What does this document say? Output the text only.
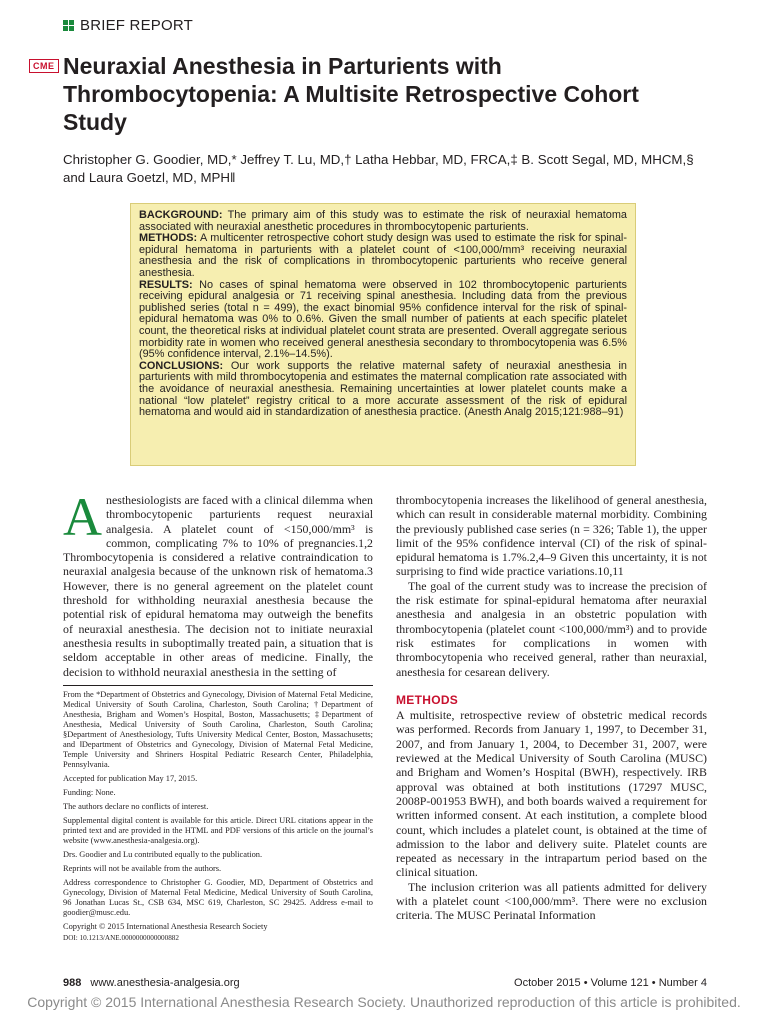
BRIEF REPORT
CME Neuraxial Anesthesia in Parturients with Thrombocytopenia: A Multisite Retrospective Cohort Study
Christopher G. Goodier, MD,* Jeffrey T. Lu, MD,† Latha Hebbar, MD, FRCA,‡ B. Scott Segal, MD, MHCM,§ and Laura Goetzl, MD, MPH‖

BACKGROUND: The primary aim of this study was to estimate the risk of neuraxial hematoma associated with neuraxial anesthetic procedures in thrombocytopenic parturients.

METHODS: A multicenter retrospective cohort study design was used to estimate the risk for spinal-epidural hematoma in parturients with a platelet count of <100,000/mm³ receiving neuraxial anesthesia and the risk of complications in thrombocytopenic parturients who receive general anesthesia.

RESULTS: No cases of spinal hematoma were observed in 102 thrombocytopenic parturients receiving epidural analgesia or 71 receiving spinal anesthesia. Including data from the previous published series (total n = 499), the exact binomial 95% confidence interval for the risk of spinal-epidural hematoma was 0% to 0.6%. Given the small number of patients at each specific platelet count, the theoretical risks at individual platelet count strata are presented. Overall aggregate serious morbidity rate in women who received general anesthesia secondary to thrombocytopenia was 6.5% (95% confidence interval, 2.1%–14.5%).

CONCLUSIONS: Our work supports the relative maternal safety of neuraxial anesthesia in parturients with mild thrombocytopenia and estimates the maternal complication rate associated with the avoidance of neuraxial anesthesia. Remaining uncertainties at lower platelet counts make a national “low platelet” registry critical to a more accurate assessment of the risk of epidural hematoma and would aid in standardization of anesthesia practice. (Anesth Analg 2015;121:988–91)

Anesthesiologists are faced with a clinical dilemma when thrombocytopenic parturients request neuraxial analgesia. A platelet count of <150,000/mm³ is common, complicating 7% to 10% of pregnancies.1,2 Thrombocytopenia is considered a relative contraindication to neuraxial analgesia because of the unknown risk of hematoma.3 However, there is no general agreement on the platelet count threshold for withholding neuraxial anesthesia because the potential risk of epidural hematoma may outweigh the benefits of neuraxial anesthesia. The decision not to initiate neuraxial anesthesia results in suboptimally treated pain, a situation that is seldom acceptable in other areas of medicine. Finally, the decision to withhold neuraxial anesthesia in the setting of

thrombocytopenia increases the likelihood of general anesthesia, which can result in considerable maternal morbidity. Combining the previously published case series (n = 326; Table 1), the upper limit of the 95% confidence interval (CI) of the risk of spinal-epidural hematoma is 1.7%.2,4–9 Given this uncertainty, it is not surprising to find wide practice variations.10,11

The goal of the current study was to increase the precision of the risk estimate for spinal-epidural hematoma after neuraxial anesthesia and analgesia in an obstetric population with thrombocytopenia (platelet count <100,000/mm³) and to provide risk estimates for complications in women with thrombocytopenia who received general, rather than neuraxial, anesthesia for cesarean delivery.

METHODS

A multisite, retrospective review of obstetric medical records was performed. Records from January 1, 1997, to December 31, 2007, and from January 1, 2004, to December 31, 2007, were reviewed at the Medical University of South Carolina (MUSC) and Brigham and Women’s Hospital (BWH), respectively. IRB approval was obtained at both institutions (17297 MUSC, 2008P-001953 BWH), and both boards waived a requirement for written informed consent. At each institution, a complete blood count, which includes a platelet count, is obtained at the time of admission to the labor and delivery suite. Platelet counts are repeated as necessary in the intrapartum period based on the clinical situation.

The inclusion criterion was all patients admitted for delivery with a platelet count <100,000/mm³. There were no exclusion criteria. The MUSC Perinatal Information

From the *Department of Obstetrics and Gynecology, Division of Maternal Fetal Medicine, Medical University of South Carolina, Charleston, South Carolina; †Department of Anesthesia, Brigham and Women’s Hospital, Boston, Massachusetts; ‡Department of Anesthesia, Medical University of South Carolina, Charleston, South Carolina; §Department of Anesthesiology, Tufts University Medical Center, Boston, Massachusetts; and ‖Department of Obstetrics and Gynecology, Division of Maternal Fetal Medicine, Temple University and Shriners Hospital Pediatric Research Center, Philadelphia, Pennsylvania.

Accepted for publication May 17, 2015.

Funding: None.

The authors declare no conflicts of interest.

Supplemental digital content is available for this article. Direct URL citations appear in the printed text and are provided in the HTML and PDF versions of this article on the journal’s website (www.anesthesia-analgesia.org).

Drs. Goodier and Lu contributed equally to the publication.

Reprints will not be available from the authors.

Address correspondence to Christopher G. Goodier, MD, Department of Obstetrics and Gynecology, Division of Maternal Fetal Medicine, Medical University of South Carolina, 96 Jonathan Lucas St., CSB 634, MSC 619, Charleston, SC 29425. Address e-mail to goodier@musc.edu.

Copyright © 2015 International Anesthesia Research Society

DOI: 10.1213/ANE.0000000000000882

988 www.anesthesia-analgesia.org	October 2015 • Volume 121 • Number 4
Copyright © 2015 International Anesthesia Research Society. Unauthorized reproduction of this article is prohibited.
